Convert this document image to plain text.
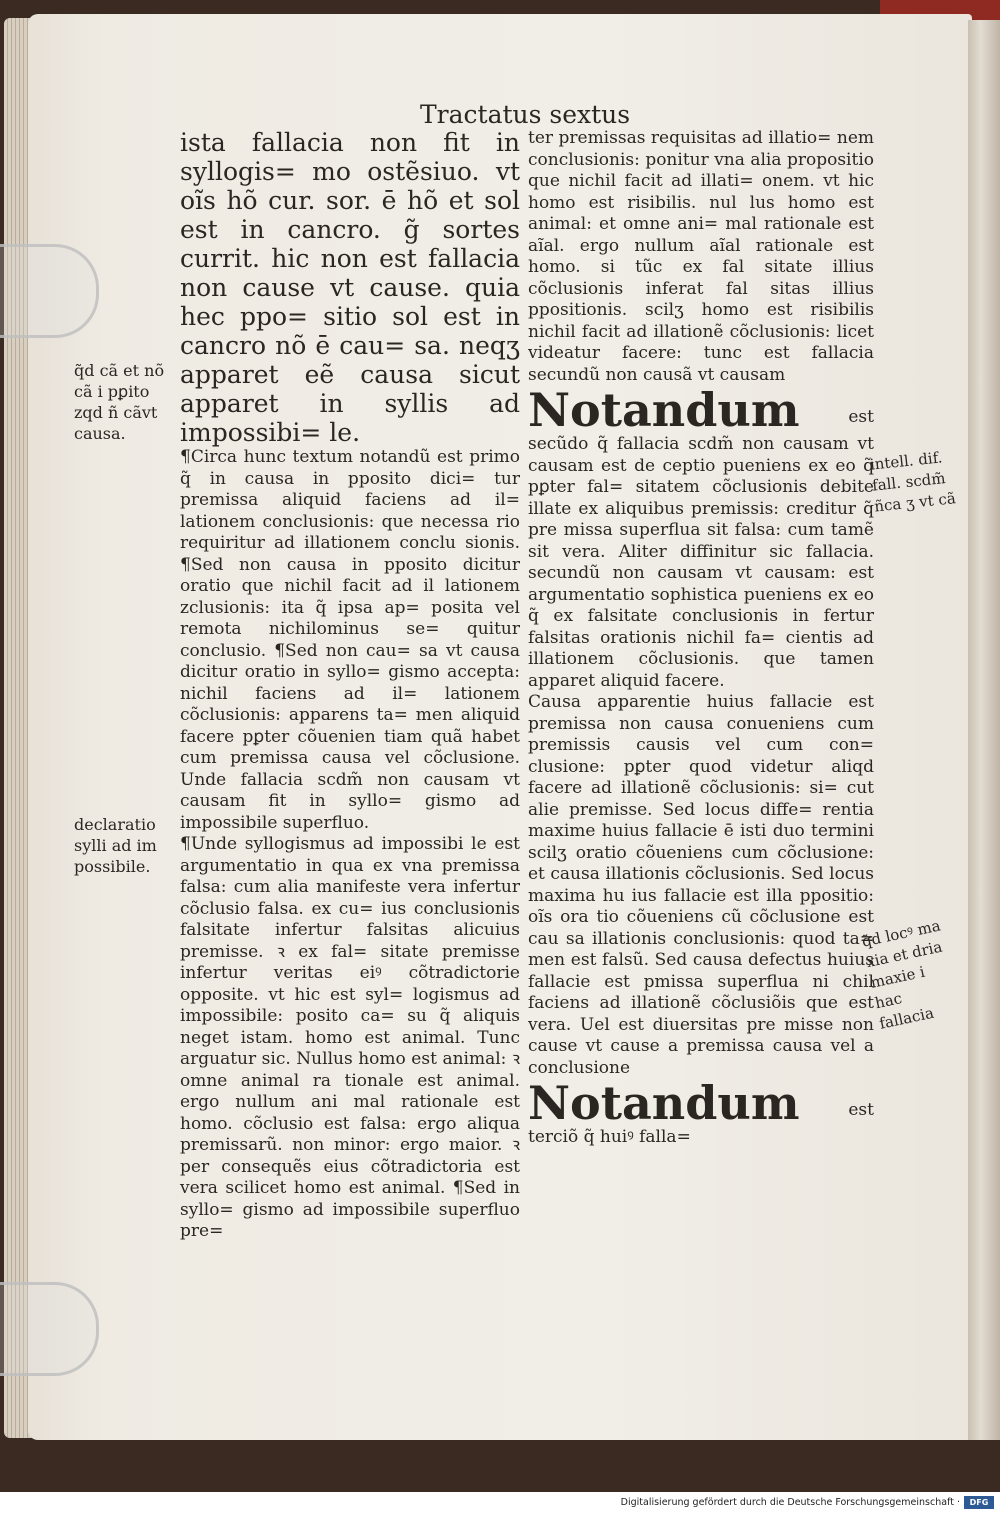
Tractatus sextus

ista fallacia non fit in syllogis= mo ostẽsiuo. vt oĩs hõ cur. sor. ē hõ et sol est in cancro. g̃ sortes currit. hic non est fallacia non cause vt cause. quia hec ppo= sitio sol est in cancro nõ ē cau= sa. neqʒ apparet eẽ causa sicut apparet in syllis ad impossibi= le.

¶Circa hunc textum notandũ est primo q̃ in causa in pposito dici= tur premissa aliquid faciens ad il= lationem conclusionis: que necessa rio requiritur ad illationem conclu sionis. ¶Sed non causa in pposito dicitur oratio que nichil facit ad il lationem zclusionis: ita q̃ ipsa ap= posita vel remota nichilominus se= quitur conclusio. ¶Sed non cau= sa vt causa dicitur oratio in syllo= gismo accepta: nichil faciens ad il= lationem cõclusionis: apparens ta= men aliquid facere pꝑter cõuenien tiam quã habet cum premissa causa vel cõclusione. Unde fallacia scdm̃ non causam vt causam fit in syllo= gismo ad impossibile superfluo.

¶Unde syllogismus ad impossibi le est argumentatio in qua ex vna premissa falsa: cum alia manifeste vera infertur cõclusio falsa. ex cu= ius conclusionis falsitate infertur falsitas alicuius premisse. ꝛ ex fal= sitate premisse infertur veritas eiꝰ cõtradictorie opposite. vt hic est syl= logismus ad impossibile: posito ca= su q̃ aliquis neget istam. homo est animal. Tunc arguatur sic. Nullus homo est animal: ꝛ omne animal ra tionale est animal. ergo nullum ani mal rationale est homo. cõclusio est falsa: ergo aliqua premissarũ. non minor: ergo maior. ꝛ per consequẽs eius cõtradictoria est vera scilicet homo est animal. ¶Sed in syllo= gismo ad impossibile superfluo pre=

ter premissas requisitas ad illatio= nem conclusionis: ponitur vna alia propositio que nichil facit ad illati= onem. vt hic homo est risibilis. nul lus homo est animal: et omne ani= mal rationale est aĩal. ergo nullum aĩal rationale est homo. si tũc ex fal sitate illius cõclusionis inferat fal sitas illius ppositionis. scilʒ homo est risibilis nichil facit ad illationẽ cõclusionis: licet videatur facere: tunc est fallacia secundũ non causã vt causam

Notandum	est secũdo q̃ fallacia scdm̃ non causam vt causam est de ceptio pueniens ex eo q̃ pꝑter fal= sitatem cõclusionis debite illate ex aliquibus premissis: creditur q̃ pre missa superflua sit falsa: cum tamẽ sit vera. Aliter diffinitur sic fallacia. secundũ non causam vt causam: est argumentatio sophistica pueniens ex eo q̃ ex falsitate conclusionis in fertur falsitas orationis nichil fa= cientis ad illationem cõclusionis. que tamen apparet aliquid facere.

Causa apparentie huius fallacie est premissa non causa conueniens cum premissis causis vel cum con= clusione: pꝑter quod videtur aliqd facere ad illationẽ cõclusionis: si= cut alie premisse. Sed locus diffe= rentia maxime huius fallacie ē isti duo termini scilʒ oratio cõueniens cum cõclusione: et causa illationis cõclusionis. Sed locus maxima hu ius fallacie est illa ppositio: oĩs ora tio cõueniens cũ cõclusione est cau sa illationis conclusionis: quod ta= men est falsũ. Sed causa defectus huius fallacie est pmissa superflua ni chil faciens ad illationẽ cõclusiõis que est vera. Uel est diuersitas pre misse non cause vt cause a premissa causa vel a conclusione

Notandum	est terciõ q̃ huiꝰ falla=

q̃d cã et nõ cã i pꝑito zqd ñ cãvt causa.

declaratio sylli ad im possibile.

intell. dif. fall. scdm̃ ñca ʒ vt cã

q̃d locꝰ ma xia et dria maxie i hac fallacia

Digitalisierung gefördert durch die Deutsche Forschungsgemeinschaft ·	DFG
